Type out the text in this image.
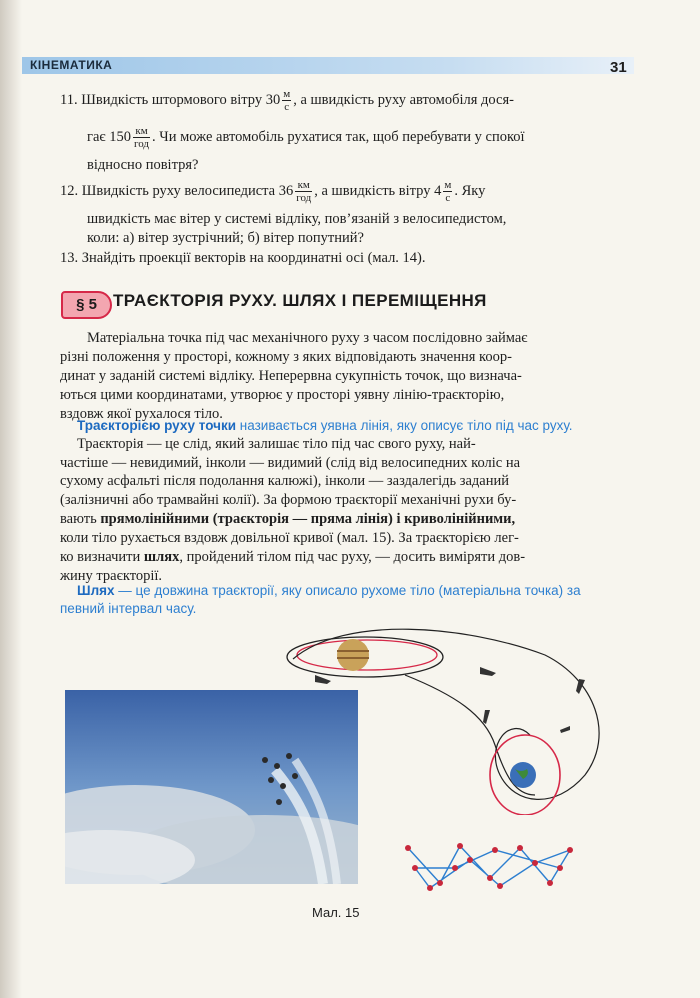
КІНЕМАТИКА	31
11. Швидкість штормового вітру $30 \frac{м}{с}$ , а швидкість руху автомобіля дося-
гає $150 \frac{км}{\text{год}}$ . Чи може автомобіль рухатися так, щоб перебувати у спокої
відносно повітря?
12. Швидкість руху велосипедиста $36 \frac{км}{\text{год}}$ , а швидкість вітру $4 \frac{м}{с}$ . Яку
швидкість має вітер у системі відліку, пов’язаній з велосипедистом,
коли: а) вітер зустрічний; б) вітер попутний?
13. Знайдіть проекції векторів на координатні осі (мал. 14).
§ 5 ТРАЄКТОРІЯ РУХУ. ШЛЯХ І ПЕРЕМІЩЕННЯ
Матеріальна точка під час механічного руху з часом послідовно займає
різні положення у просторі, кожному з яких відповідають значення коор-
динат у заданій системі відліку. Неперервна сукупність точок, що визнача-
ються цими координатами, утворює у просторі уявну лінію-траєкторію,
вздовж якої рухалося тіло.
Траєкторією руху точки називається уявна лінія, яку описує тіло під час руху.
Траєкторія — це слід, який залишає тіло під час свого руху, най-
частіше — невидимий, інколи — видимий (слід від велосипедних коліс на
сухому асфальті після подолання калюжі), інколи — заздалегідь заданий
(залізничні або трамвайні колії). За формою траєкторії механічні рухи бу-
вають прямолінійними (траєкторія — пряма лінія) і криволінійними,
коли тіло рухається вздовж довільної кривої (мал. 15). За траєкторією лег-
ко визначити шлях, пройдений тілом під час руху, — досить виміряти дов-
жину траєкторії.
Шлях — це довжина траєкторії, яку описало рухоме тіло (матеріальна точка) за
певний інтервал часу.
Мал. 15
